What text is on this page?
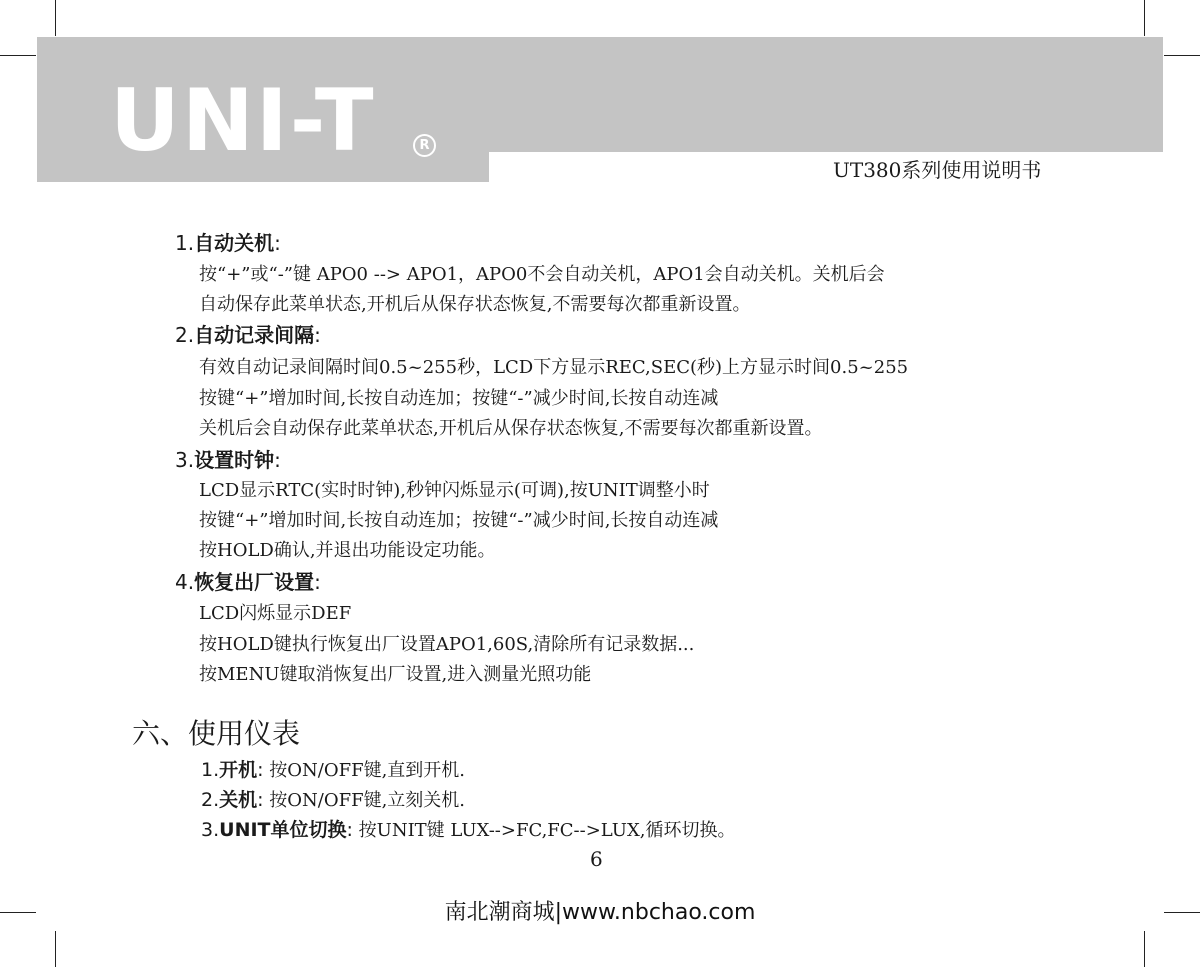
UNI-T	R
UT380系列使用说明书
1.自动关机:
按“+”或“-”键 APO0 --> APO1，APO0不会自动关机，APO1会自动关机。关机后会
自动保存此菜单状态,开机后从保存状态恢复,不需要每次都重新设置。
2.自动记录间隔:
有效自动记录间隔时间0.5~255秒，LCD下方显示REC,SEC(秒)上方显示时间0.5~255
按键“+”增加时间,长按自动连加；按键“-”减少时间,长按自动连减
关机后会自动保存此菜单状态,开机后从保存状态恢复,不需要每次都重新设置。
3.设置时钟:
LCD显示RTC(实时时钟),秒钟闪烁显示(可调),按UNIT调整小时
按键“+”增加时间,长按自动连加；按键“-”减少时间,长按自动连减
按HOLD确认,并退出功能设定功能。
4.恢复出厂设置:
LCD闪烁显示DEF
按HOLD键执行恢复出厂设置APO1,60S,清除所有记录数据...
按MENU键取消恢复出厂设置,进入测量光照功能
六、使用仪表
1.开机: 按ON/OFF键,直到开机.
2.关机: 按ON/OFF键,立刻关机.
3.UNIT单位切换: 按UNIT键 LUX-->FC,FC-->LUX,循环切换。
6
南北潮商城|www.nbchao.com
